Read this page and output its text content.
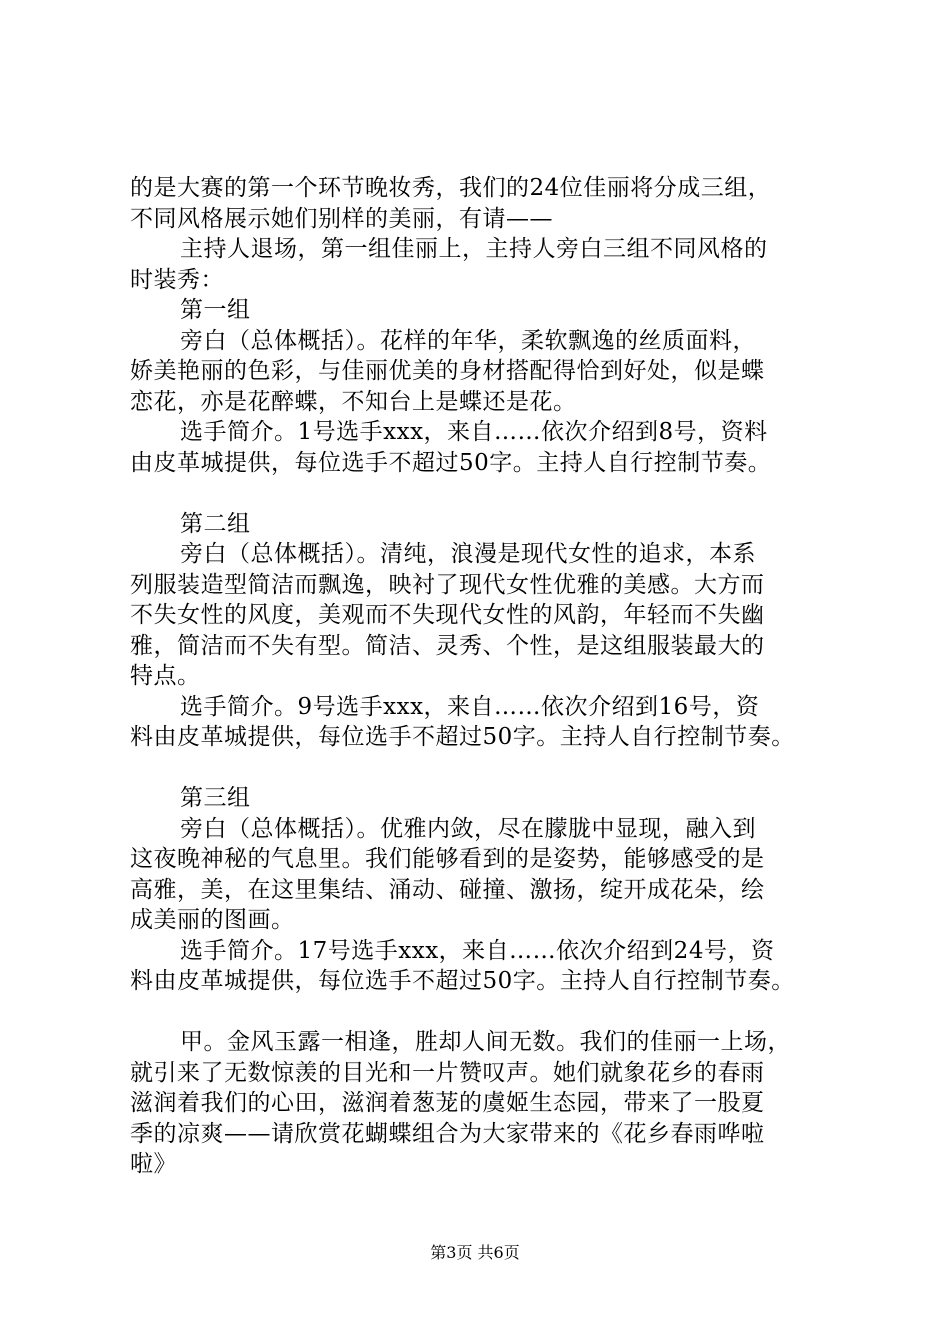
的是大赛的第一个环节晚妆秀，我们的24位佳丽将分成三组，
不同风格展示她们别样的美丽，有请——
主持人退场，第一组佳丽上，主持人旁白三组不同风格的
时装秀：
第一组
旁白（总体概括）。花样的年华，柔软飘逸的丝质面料，
娇美艳丽的色彩，与佳丽优美的身材搭配得恰到好处，似是蝶
恋花，亦是花醉蝶，不知台上是蝶还是花。
选手简介。1号选手xxx，来自……依次介绍到8号，资料
由皮革城提供，每位选手不超过50字。主持人自行控制节奏。
第二组
旁白（总体概括）。清纯，浪漫是现代女性的追求，本系
列服装造型简洁而飘逸，映衬了现代女性优雅的美感。大方而
不失女性的风度，美观而不失现代女性的风韵，年轻而不失幽
雅，简洁而不失有型。简洁、灵秀、个性，是这组服装最大的
特点。
选手简介。9号选手xxx，来自……依次介绍到16号，资
料由皮革城提供，每位选手不超过50字。主持人自行控制节奏。
第三组
旁白（总体概括）。优雅内敛，尽在朦胧中显现，融入到
这夜晚神秘的气息里。我们能够看到的是姿势，能够感受的是
高雅，美，在这里集结、涌动、碰撞、激扬，绽开成花朵，绘
成美丽的图画。
选手简介。17号选手xxx，来自……依次介绍到24号，资
料由皮革城提供，每位选手不超过50字。主持人自行控制节奏。
甲。金风玉露一相逢，胜却人间无数。我们的佳丽一上场，
就引来了无数惊羡的目光和一片赞叹声。她们就象花乡的春雨
滋润着我们的心田，滋润着葱茏的虞姬生态园，带来了一股夏
季的凉爽——请欣赏花蝴蝶组合为大家带来的《花乡春雨哗啦
啦》
第3页 共6页
